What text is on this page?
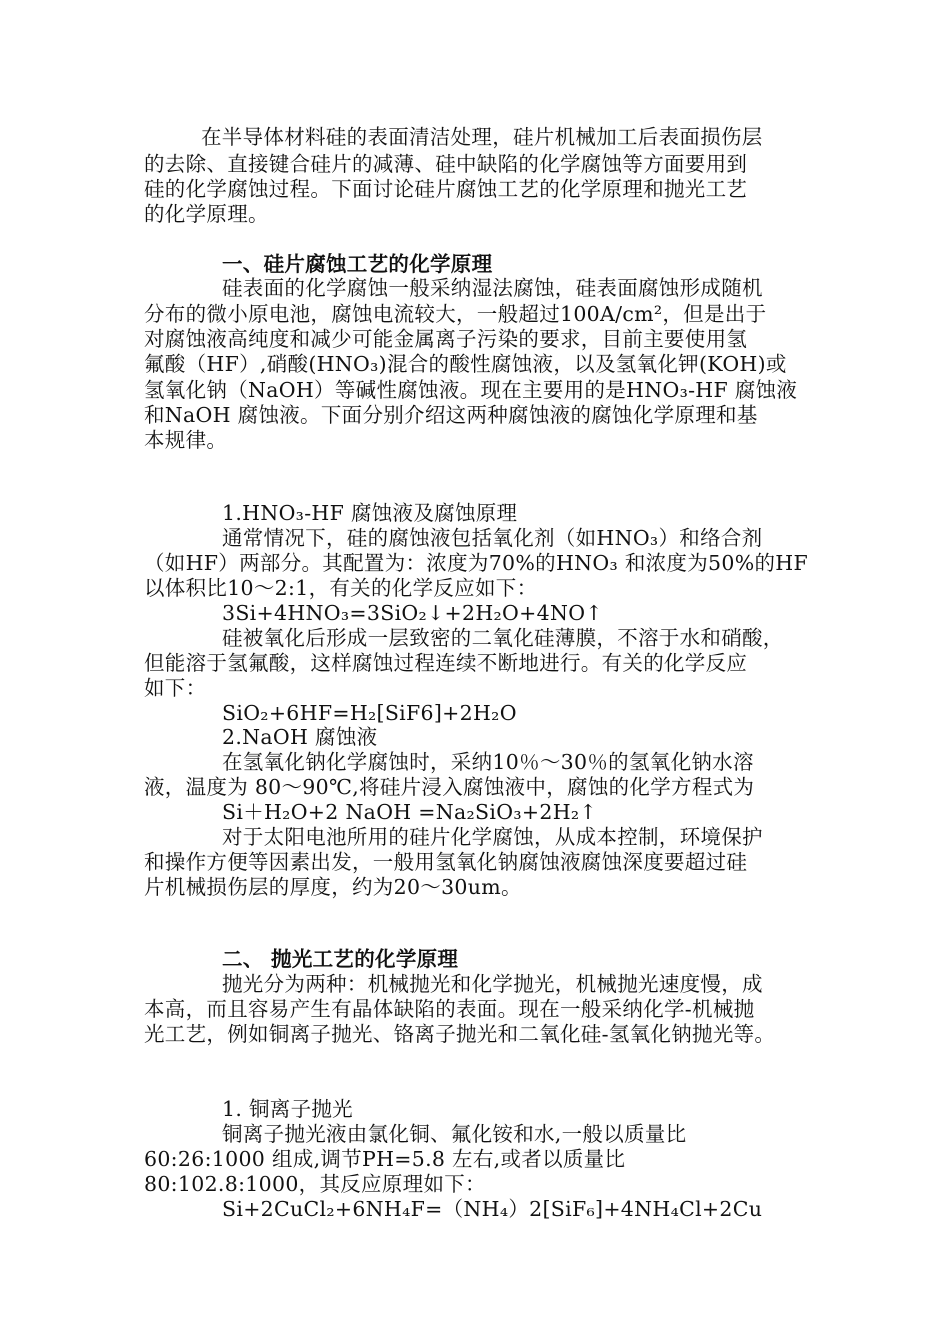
在半导体材料硅的表面清洁处理，硅片机械加工后表面损伤层
的去除、直接键合硅片的减薄、硅中缺陷的化学腐蚀等方面要用到
硅的化学腐蚀过程。下面讨论硅片腐蚀工艺的化学原理和抛光工艺
的化学原理。
一、硅片腐蚀工艺的化学原理
硅表面的化学腐蚀一般采纳湿法腐蚀，硅表面腐蚀形成随机
分布的微小原电池，腐蚀电流较大，一般超过100A/cm²，但是出于
对腐蚀液高纯度和减少可能金属离子污染的要求，目前主要使用氢
氟酸（HF）,硝酸(HNO₃)混合的酸性腐蚀液，以及氢氧化钾(KOH)或
氢氧化钠（NaOH）等碱性腐蚀液。现在主要用的是HNO₃-HF 腐蚀液
和NaOH 腐蚀液。下面分别介绍这两种腐蚀液的腐蚀化学原理和基
本规律。
1.HNO₃-HF 腐蚀液及腐蚀原理
通常情况下，硅的腐蚀液包括氧化剂（如HNO₃）和络合剂
（如HF）两部分。其配置为：浓度为70%的HNO₃ 和浓度为50%的HF
以体积比10～2:1，有关的化学反应如下：
3Si+4HNO₃=3SiO₂↓+2H₂O+4NO↑
硅被氧化后形成一层致密的二氧化硅薄膜，不溶于水和硝酸，
但能溶于氢氟酸，这样腐蚀过程连续不断地进行。有关的化学反应
如下：
SiO₂+6HF=H₂[SiF6]+2H₂O
2.NaOH 腐蚀液
在氢氧化钠化学腐蚀时，采纳10％～30％的氢氧化钠水溶
液，温度为 80～90℃,将硅片浸入腐蚀液中，腐蚀的化学方程式为
Si＋H₂O+2 NaOH =Na₂SiO₃+2H₂↑
对于太阳电池所用的硅片化学腐蚀，从成本控制，环境保护
和操作方便等因素出发，一般用氢氧化钠腐蚀液腐蚀深度要超过硅
片机械损伤层的厚度，约为20～30um。
二、 抛光工艺的化学原理
抛光分为两种：机械抛光和化学抛光，机械抛光速度慢，成
本高，而且容易产生有晶体缺陷的表面。现在一般采纳化学-机械抛
光工艺，例如铜离子抛光、铬离子抛光和二氧化硅-氢氧化钠抛光等。
1. 铜离子抛光
铜离子抛光液由氯化铜、氟化铵和水,一般以质量比
60:26:1000 组成,调节PH=5.8 左右,或者以质量比
80:102.8:1000，其反应原理如下：
Si+2CuCl₂+6NH₄F=（NH₄）2[SiF₆]+4NH₄Cl+2Cu
